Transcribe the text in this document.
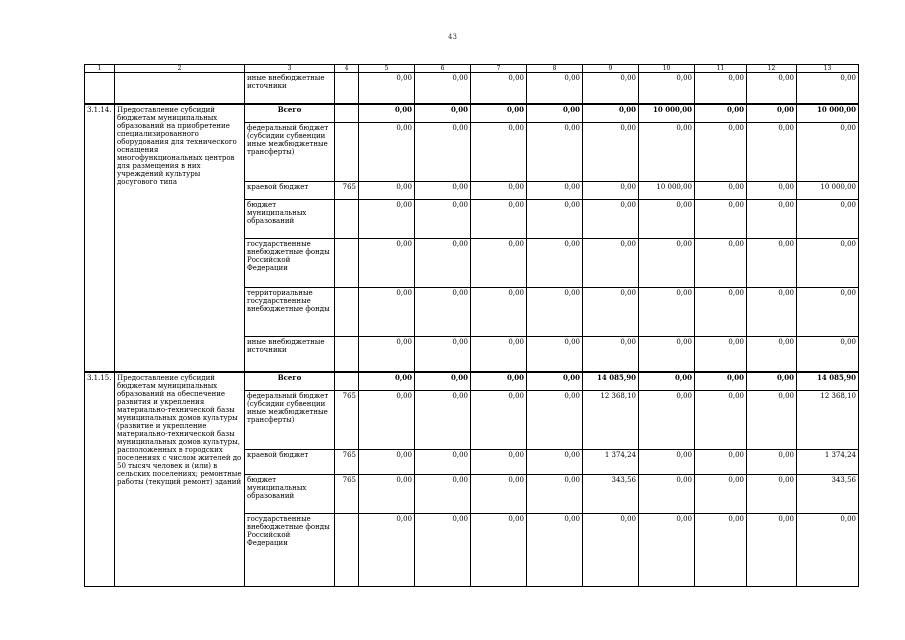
43
1	2	3	4	5	6	7	8	9	10	11	12	13
		иные внебюджетные источники		0,00	0,00	0,00	0,00	0,00	0,00	0,00	0,00	0,00
3.1.14.	Предоставление субсидий бюджетам муниципальных образований на приобретение специализированного оборудования для технического оснащения многофункциональных центров для размещения в них учреждений культуры досугового типа	Всего		0,00	0,00	0,00	0,00	0,00	10 000,00	0,00	0,00	10 000,00
		федеральный бюджет (субсидии субвенции иные межбюджетные трансферты)		0,00	0,00	0,00	0,00	0,00	0,00	0,00	0,00	0,00
		краевой бюджет	765	0,00	0,00	0,00	0,00	0,00	10 000,00	0,00	0,00	10 000,00
		бюджет муниципальных образований		0,00	0,00	0,00	0,00	0,00	0,00	0,00	0,00	0,00
		государственные внебюджетные фонды Российской Федерации		0,00	0,00	0,00	0,00	0,00	0,00	0,00	0,00	0,00
		территориальные государственные внебюджетные фонды		0,00	0,00	0,00	0,00	0,00	0,00	0,00	0,00	0,00
		иные внебюджетные источники		0,00	0,00	0,00	0,00	0,00	0,00	0,00	0,00	0,00
3.1.15.	Предоставление субсидий бюджетам муниципальных образований на обеспечение развития и укрепления материально-технической базы муниципальных домов культуры (развитие и укрепление материально-технической базы муниципальных домов культуры, расположенных в городских поселениях с числом жителей до 50 тысяч человек и (или) в сельских поселениях; ремонтные работы (текущий ремонт) зданий	Всего		0,00	0,00	0,00	0,00	14 085,90	0,00	0,00	0,00	14 085,90
		федеральный бюджет (субсидии субвенции иные межбюджетные трансферты)	765	0,00	0,00	0,00	0,00	12 368,10	0,00	0,00	0,00	12 368,10
		краевой бюджет	765	0,00	0,00	0,00	0,00	1 374,24	0,00	0,00	0,00	1 374,24
		бюджет муниципальных образований	765	0,00	0,00	0,00	0,00	343,56	0,00	0,00	0,00	343,56
		государственные внебюджетные фонды Российской Федерации		0,00	0,00	0,00	0,00	0,00	0,00	0,00	0,00	0,00
